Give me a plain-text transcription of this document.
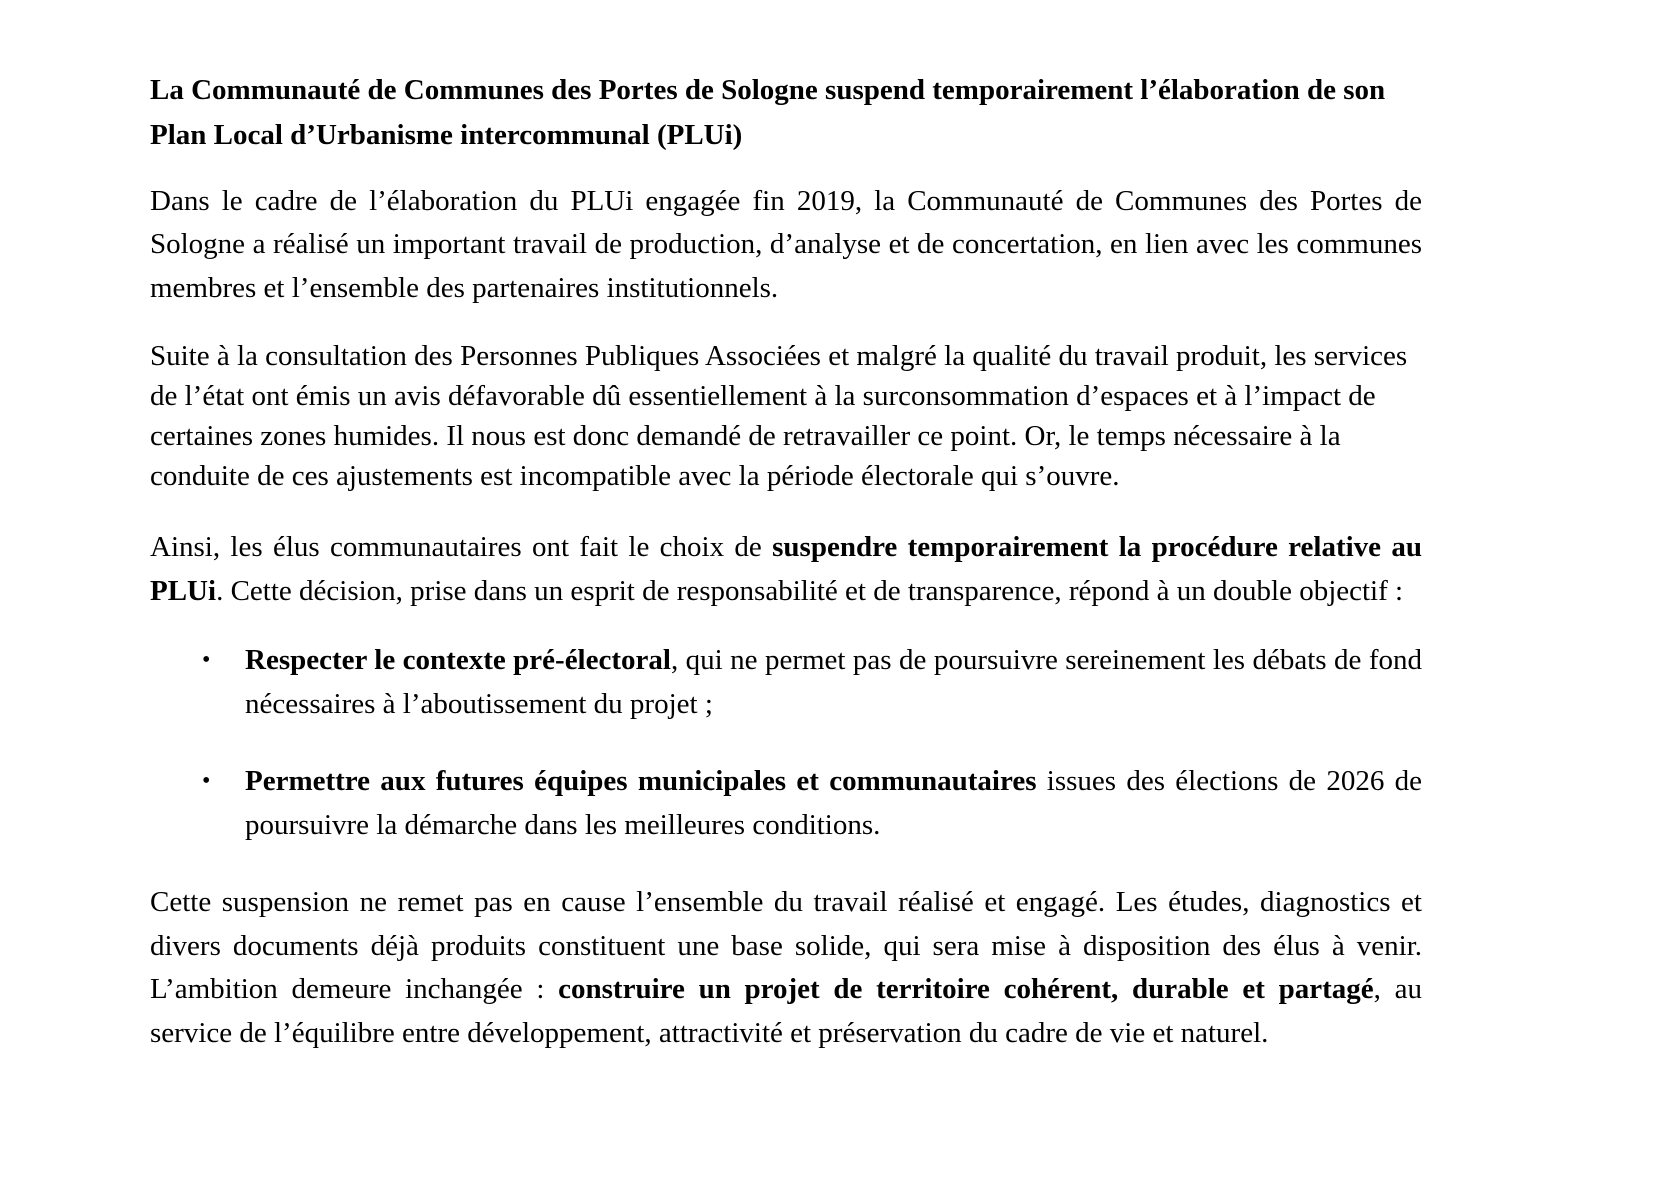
La Communauté de Communes des Portes de Sologne suspend temporairement l’élaboration de son Plan Local d’Urbanisme intercommunal (PLUi)

Dans le cadre de l’élaboration du PLUi engagée fin 2019, la Communauté de Communes des Portes de Sologne a réalisé un important travail de production, d’analyse et de concertation, en lien avec les communes membres et l’ensemble des partenaires institutionnels.

Suite à la consultation des Personnes Publiques Associées et malgré la qualité du travail produit, les services de l’état ont émis un avis défavorable dû essentiellement à la surconsommation d’espaces et à l’impact de certaines zones humides. Il nous est donc demandé de retravailler ce point. Or, le temps nécessaire à la conduite de ces ajustements est incompatible avec la période électorale qui s’ouvre.

Ainsi, les élus communautaires ont fait le choix de suspendre temporairement la procédure relative au PLUi. Cette décision, prise dans un esprit de responsabilité et de transparence, répond à un double objectif :

•	Respecter le contexte pré-électoral, qui ne permet pas de poursuivre sereinement les débats de fond nécessaires à l’aboutissement du projet ;
•	Permettre aux futures équipes municipales et communautaires issues des élections de 2026 de poursuivre la démarche dans les meilleures conditions.

Cette suspension ne remet pas en cause l’ensemble du travail réalisé et engagé. Les études, diagnostics et divers documents déjà produits constituent une base solide, qui sera mise à disposition des élus à venir. L’ambition demeure inchangée : construire un projet de territoire cohérent, durable et partagé, au service de l’équilibre entre développement, attractivité et préservation du cadre de vie et naturel.
